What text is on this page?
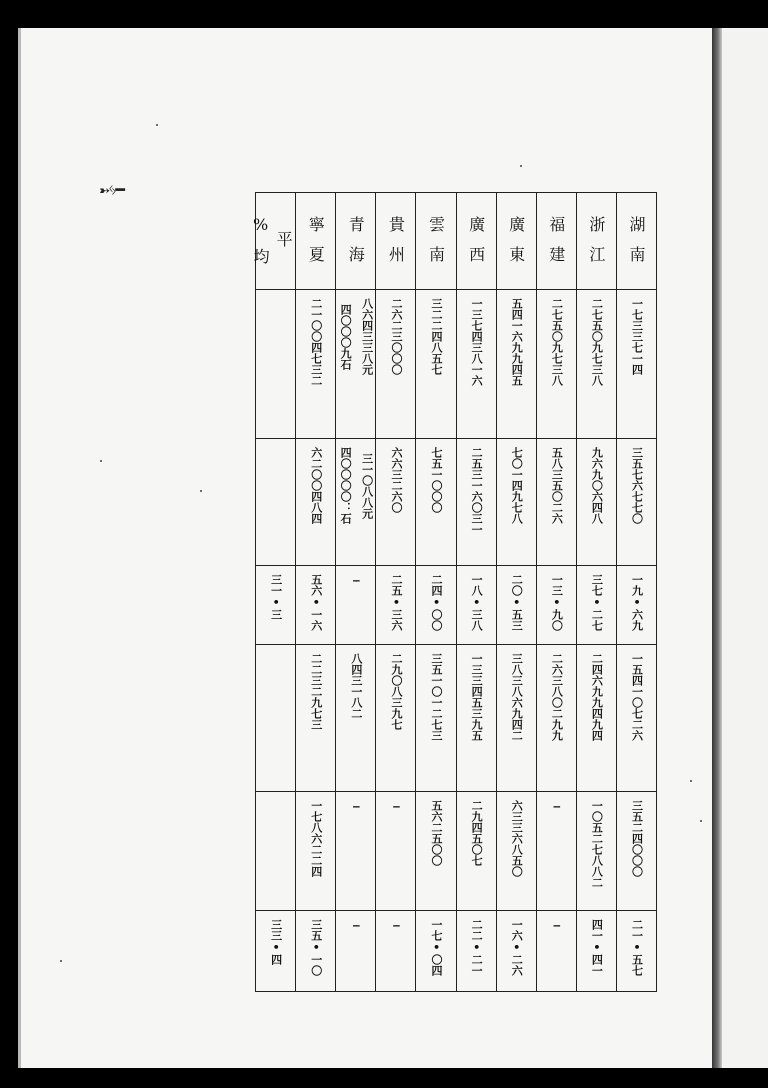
➸ᛃ━
湖南	浙江	福建	廣東	廣西	雲南	貴州	青海	寧夏	平均%

一七三三七一四	二七五〇九七三八	二七五〇九七三八	五四一六九九四五	一三七四三八一六	三二二四八五七	二六二三〇〇〇	四〇〇〇九石 八六四三三八元	二一〇〇四七三二	

三五七六七七〇	九六九〇六四八	五八三五〇二六	七〇一四九七八	二五三一六〇三一	七五一〇〇〇	六六三二六〇	四〇〇〇〇：石 三一〇八八元	六二〇〇四八四	

一九•六九	三七•二七	一三•九〇	二〇•五三	一八•三八	二四•〇〇	二五•三六	—	五六•一六	三一•三

一五四一〇七二六	二四六九九四九四	二六三八〇二九九	三八三八六九四二	一三三四五三九五	三五一〇一二七三	二九〇八三九七	八四三一八二	二二三二九七三	

三五二四〇〇〇	一〇五二七八八二	—	六三三六八五〇	二九四五〇七	五六二五〇〇	—	—	一七八六二二四	

二一•五七	四一•四一	—	一六•二六	二二•二一	一七•〇四	—	—	三五•一〇	三三•四
